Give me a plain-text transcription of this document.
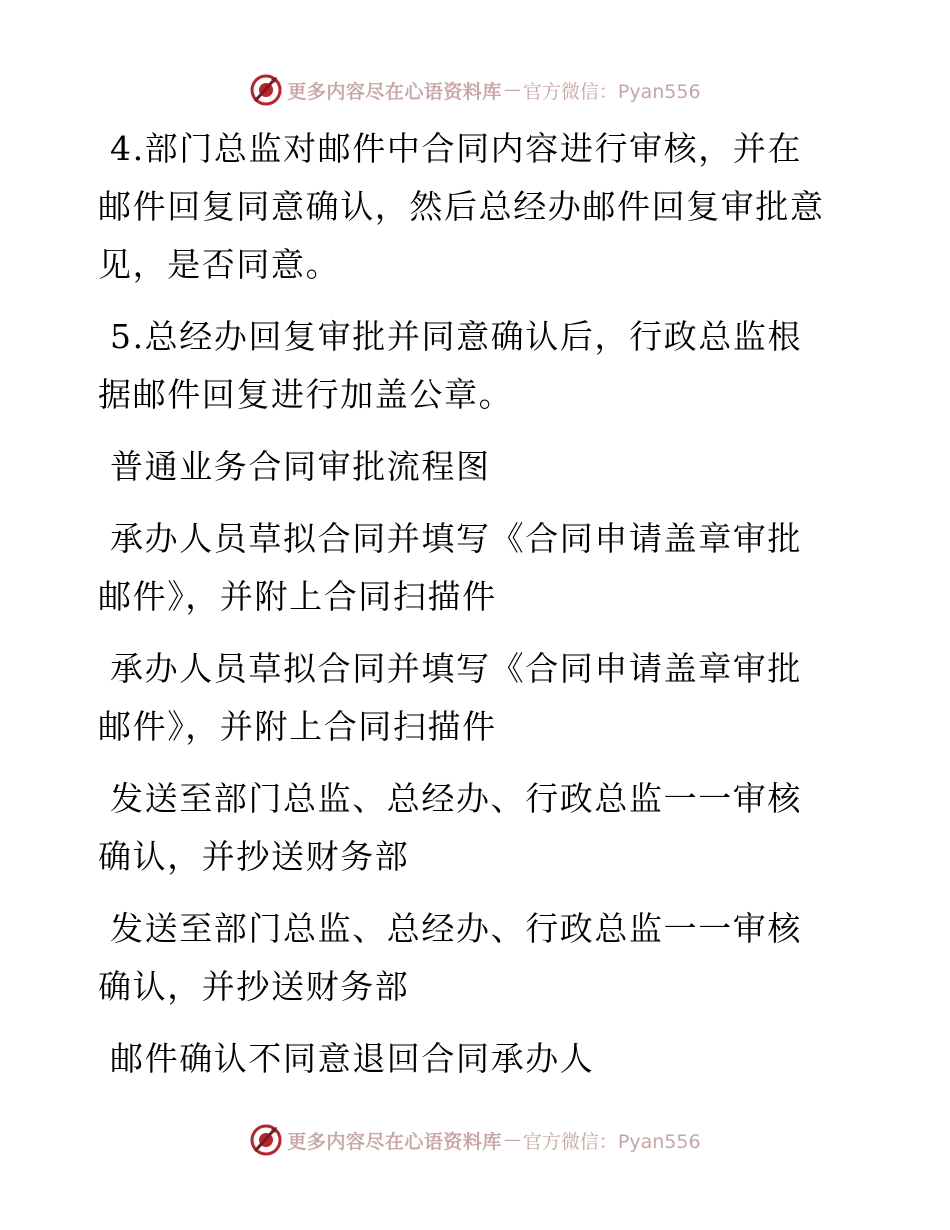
更多内容尽在心语资料库 — 官方微信：Pyan556

4.部门总监对邮件中合同内容进行审核，并在邮件回复同意确认，然后总经办邮件回复审批意见，是否同意。

5.总经办回复审批并同意确认后，行政总监根据邮件回复进行加盖公章。

普通业务合同审批流程图

承办人员草拟合同并填写《合同申请盖章审批邮件》，并附上合同扫描件

承办人员草拟合同并填写《合同申请盖章审批邮件》，并附上合同扫描件

发送至部门总监、总经办、行政总监一一审核确认，并抄送财务部

发送至部门总监、总经办、行政总监一一审核确认，并抄送财务部

邮件确认不同意退回合同承办人

更多内容尽在心语资料库 — 官方微信：Pyan556
